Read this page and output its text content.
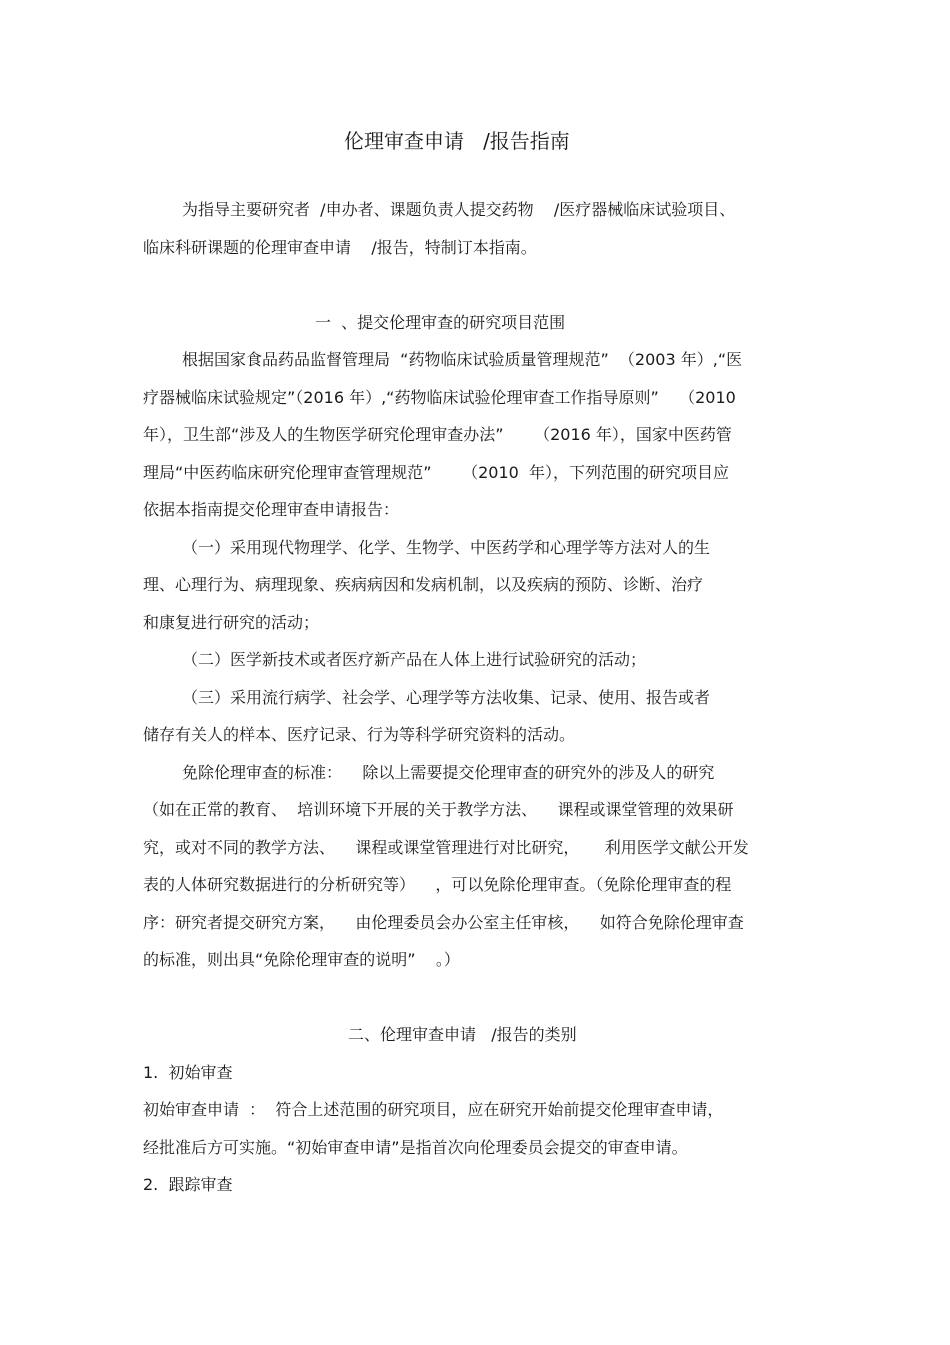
伦理审查申请   /报告指南
为指导主要研究者  /申办者、课题负责人提交药物    /医疗器械临床试验项目、
临床科研课题的伦理审查申请    /报告，特制订本指南。
一  、提交伦理审查的研究项目范围
根据国家食品药品监督管理局  “药物临床试验质量管理规范”  （2003 年）,“医
疗器械临床试验规定”（2016 年）,“药物临床试验伦理审查工作指导原则”    （2010
年），卫生部“涉及人的生物医学研究伦理审查办法”      （2016 年），国家中医药管
理局“中医药临床研究伦理审查管理规范”      （2010  年），下列范围的研究项目应
依据本指南提交伦理审查申请报告：
（一）采用现代物理学、化学、生物学、中医药学和心理学等方法对人的生
理、心理行为、病理现象、疾病病因和发病机制，以及疾病的预防、诊断、治疗
和康复进行研究的活动；
（二）医学新技术或者医疗新产品在人体上进行试验研究的活动；
（三）采用流行病学、社会学、心理学等方法收集、记录、使用、报告或者
储存有关人的样本、医疗记录、行为等科学研究资料的活动。
免除伦理审查的标准：    除以上需要提交伦理审查的研究外的涉及人的研究
（如在正常的教育、  培训环境下开展的关于教学方法、    课程或课堂管理的效果研
究，或对不同的教学方法、    课程或课堂管理进行对比研究，     利用医学文献公开发
表的人体研究数据进行的分析研究等）    ，可以免除伦理审查。（免除伦理审查的程
序：研究者提交研究方案，    由伦理委员会办公室主任审核，    如符合免除伦理审查
的标准，则出具“免除伦理审查的说明”    。）
二、伦理审查申请   /报告的类别
1.  初始审查
初始审查申请  ：  符合上述范围的研究项目，应在研究开始前提交伦理审查申请，
经批准后方可实施。“初始审查申请”是指首次向伦理委员会提交的审查申请。
2.  跟踪审查
